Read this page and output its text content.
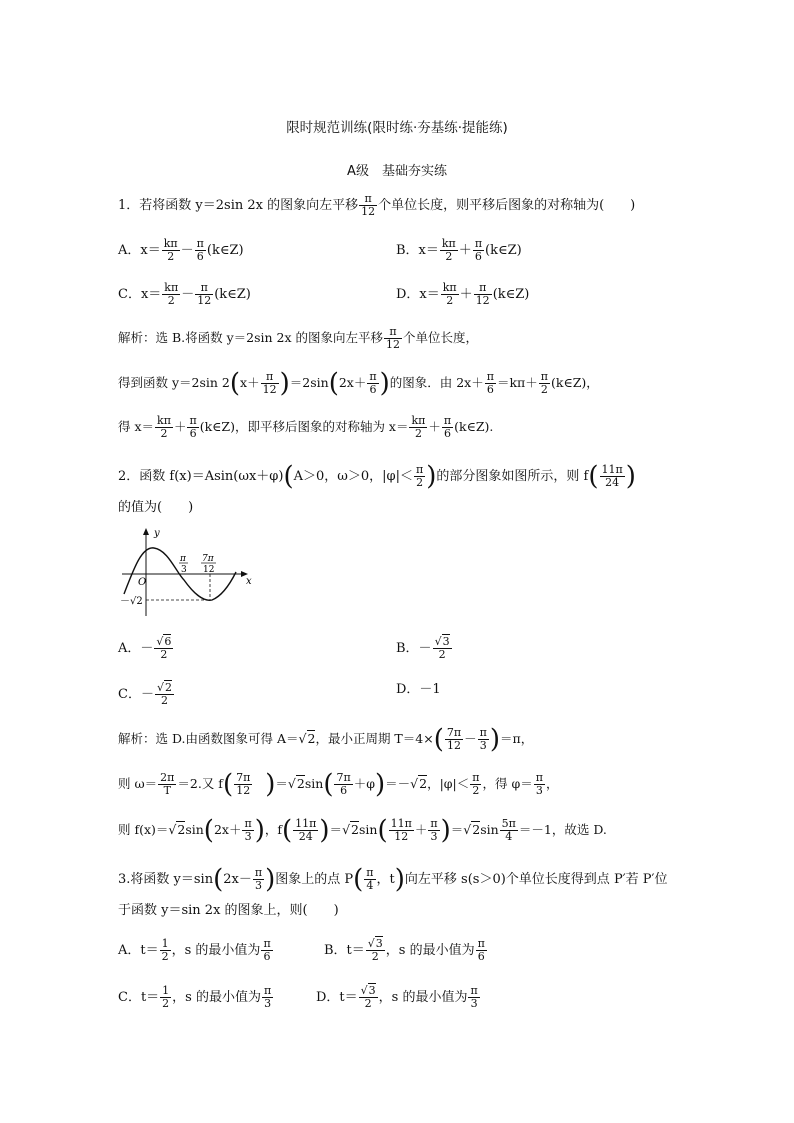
限时规范训练(限时练·夯基练·提能练)
A级　基础夯实练
1．若将函数 y＝2sin 2x 的图象向左平移 $\frac{\pi}{12}$ 个单位长度，则平移后图象的对称轴为(　　)
A．$x= \frac{k\pi}{2} - \frac{\pi}{6}$ (k∈Z)	B．$x= \frac{k\pi}{2} + \frac{\pi}{6}$ (k∈Z)
C．$x= \frac{k\pi}{2} - \frac{\pi}{12}$ (k∈Z)	D．$x= \frac{k\pi}{2} + \frac{\pi}{12}$ (k∈Z)
解析：选 B.将函数 y＝2sin 2x 的图象向左平移 $\frac{\pi}{12}$ 个单位长度，
得到函数 y＝2sin $2(x+ \frac{\pi}{12} )=2\sin(2x+ \frac{\pi}{6}$ )的图象．由 $2x+ \frac{\pi}{6} =k\pi+ \frac{\pi}{2}$ (k∈Z)，
得 $x= \frac{k\pi}{2} + \frac{\pi}{6}$ (k∈Z)，即平移后图象的对称轴为 $x= \frac{k\pi}{2} + \frac{\pi}{6}$ (k∈Z).
2．函数 f(x)＝Asin(ωx＋φ)(A＞0，ω＞0，$|\varphi|< \frac{\pi}{2}$ )的部分图象如图所示，则 $f( \frac{11\pi}{24}$ )
的值为(　　)
y
x
O
π
3
7π
12
－√2
A．－ $\frac{√6}{2}$	B．－ $\frac{√3}{2}$
C．－ $\frac{√2}{2}$	D．－1
解析：选 D.由函数图象可得 A＝√2，最小正周期 $T=4\times( \frac{7\pi}{12} - \frac{\pi}{3} )=\pi$，
则 $\omega= \frac{2\pi}{T} =2$.又 $f( \frac{7\pi}{12} )=√2\sin( \frac{7\pi}{6} +\varphi)=-√2$，$|\varphi|< \frac{\pi}{2}$ ，得 $\varphi= \frac{\pi}{3}$ ，
则 $f(x)=√2\sin(2x+ \frac{\pi}{3}$ )，$f( \frac{11\pi}{24} )=√2\sin( \frac{11\pi}{12} + \frac{\pi}{3} )=√2\sin \frac{5\pi}{4} =-1$，故选 D.
3.将函数 $y=\sin(2x- \frac{\pi}{3}$ )图象上的点 $P( \frac{\pi}{4}$ ，t)向左平移 s(s＞0)个单位长度得到点 P′若 P′位
于函数 y＝sin 2x 的图象上，则(　　)
A．$t= \frac{1}{2}$ ，s 的最小值为 $\frac{\pi}{6}$	B．$t= \frac{√3}{2}$ ，s 的最小值为 $\frac{\pi}{6}$
C．$t= \frac{1}{2}$ ，s 的最小值为 $\frac{\pi}{3}$	D．$t= \frac{√3}{2}$ ，s 的最小值为 $\frac{\pi}{3}$
